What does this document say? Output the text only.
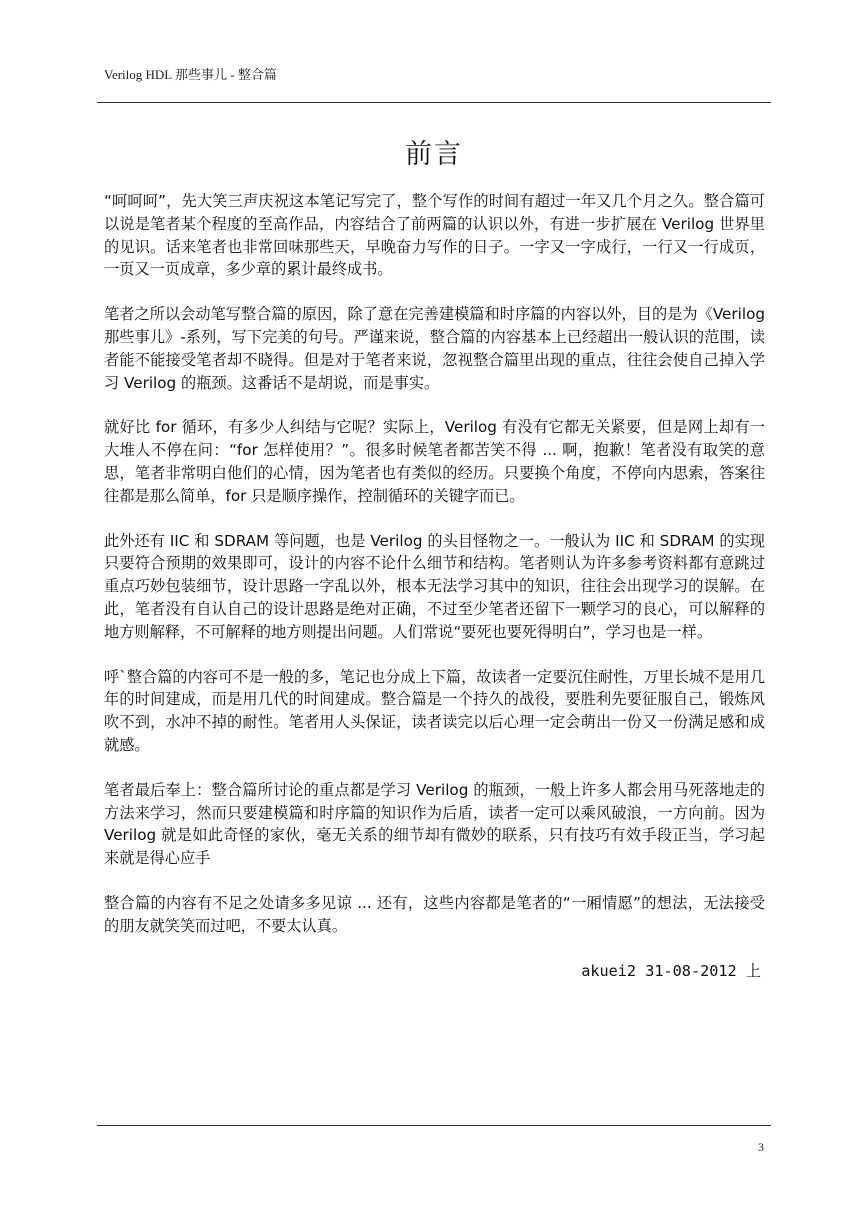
Verilog HDL 那些事儿 - 整合篇
前言

“呵呵呵”，先大笑三声庆祝这本笔记写完了，整个写作的时间有超过一年又几个月之久。整合篇可以说是笔者某个程度的至高作品，内容结合了前两篇的认识以外，有进一步扩展在 Verilog 世界里的见识。话来笔者也非常回味那些天，早晚奋力写作的日子。一字又一字成行，一行又一行成页，一页又一页成章，多少章的累计最终成书。

笔者之所以会动笔写整合篇的原因，除了意在完善建模篇和时序篇的内容以外，目的是为《Verilog 那些事儿》-系列，写下完美的句号。严谨来说，整合篇的内容基本上已经超出一般认识的范围，读者能不能接受笔者却不晓得。但是对于笔者来说，忽视整合篇里出现的重点，往往会使自己掉入学习 Verilog 的瓶颈。这番话不是胡说，而是事实。

就好比 for 循环，有多少人纠结与它呢？实际上，Verilog 有没有它都无关紧要，但是网上却有一大堆人不停在问：“for 怎样使用？”。很多时候笔者都苦笑不得 ... 啊，抱歉！笔者没有取笑的意思，笔者非常明白他们的心情，因为笔者也有类似的经历。只要换个角度，不停向内思索，答案往往都是那么简单，for 只是顺序操作，控制循环的关键字而已。

此外还有 IIC 和 SDRAM 等问题，也是 Verilog 的头目怪物之一。一般认为 IIC 和 SDRAM 的实现只要符合预期的效果即可，设计的内容不论什么细节和结构。笔者则认为许多参考资料都有意跳过重点巧妙包装细节，设计思路一字乱以外，根本无法学习其中的知识，往往会出现学习的误解。在此，笔者没有自认自己的设计思路是绝对正确，不过至少笔者还留下一颗学习的良心，可以解释的地方则解释，不可解释的地方则提出问题。人们常说“要死也要死得明白”，学习也是一样。

呼`整合篇的内容可不是一般的多，笔记也分成上下篇，故读者一定要沉住耐性，万里长城不是用几年的时间建成，而是用几代的时间建成。整合篇是一个持久的战役，要胜利先要征服自己，锻炼风吹不到，水冲不掉的耐性。笔者用人头保证，读者读完以后心理一定会萌出一份又一份满足感和成就感。

笔者最后奉上：整合篇所讨论的重点都是学习 Verilog 的瓶颈，一般上许多人都会用马死落地走的方法来学习，然而只要建模篇和时序篇的知识作为后盾，读者一定可以乘风破浪，一方向前。因为 Verilog 就是如此奇怪的家伙，毫无关系的细节却有微妙的联系，只有技巧有效手段正当，学习起来就是得心应手

整合篇的内容有不足之处请多多见谅 ... 还有，这些内容都是笔者的“一厢情愿”的想法，无法接受的朋友就笑笑而过吧，不要太认真。

akuei2 31-08-2012 上
3
